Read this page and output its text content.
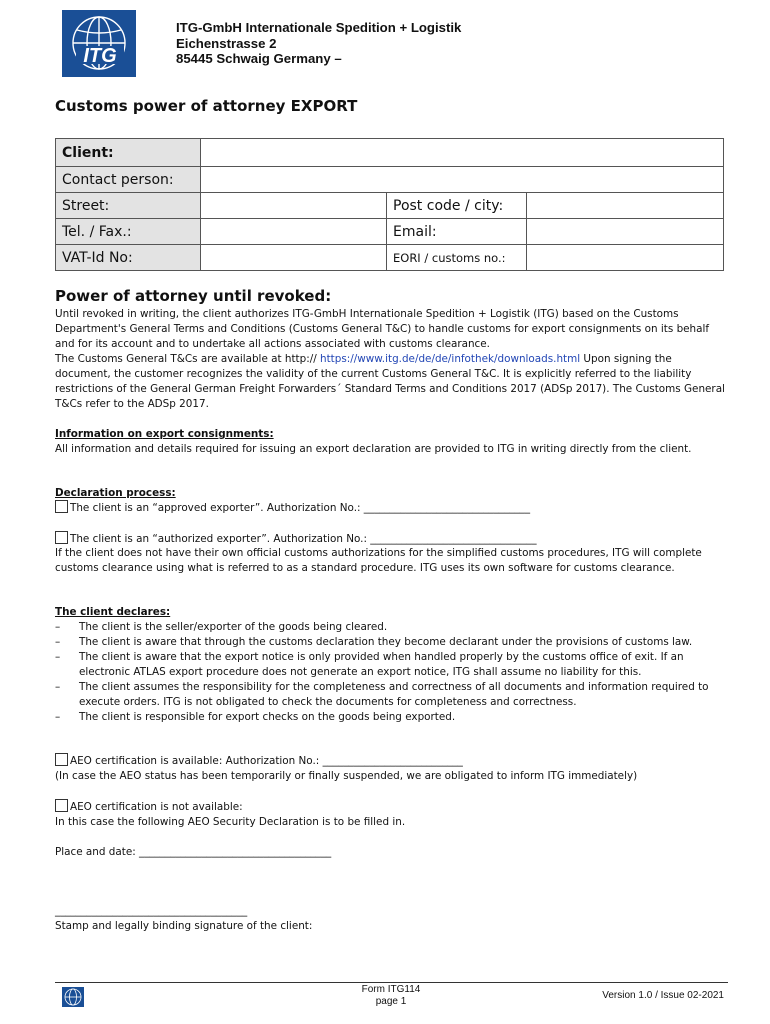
ITG
ITG-GmbH Internationale Spedition + Logistik
Eichenstrasse 2
85445 Schwaig Germany –
Customs power of attorney EXPORT
Client:			
Contact person:			
Street:		Post code / city:	
Tel. / Fax.:		Email:	
VAT-Id No:		EORI / customs no.:	
Power of attorney until revoked:
Until revoked in writing, the client authorizes ITG-GmbH Internationale Spedition + Logistik (ITG) based on the Customs Department's General Terms and Conditions (Customs General T&C) to handle customs for export consignments on its behalf and for its account and to undertake all actions associated with customs clearance.
The Customs General T&Cs are available at http:// https://www.itg.de/de/de/infothek/downloads.html Upon signing the document, the customer recognizes the validity of the current Customs General T&C. It is explicitly referred to the liability restrictions of the General German Freight Forwarders´ Standard Terms and Conditions 2017 (ADSp 2017). The Customs General T&Cs refer to the ADSp 2017.
Information on export consignments:
All information and details required for issuing an export declaration are provided to ITG in writing directly from the client.
Declaration process:
The client is an “approved exporter”. Authorization No.: ________________________________
The client is an “authorized exporter”. Authorization No.: ________________________________
If the client does not have their own official customs authorizations for the simplified customs procedures, ITG will complete customs clearance using what is referred to as a standard procedure. ITG uses its own software for customs clearance.
The client declares:
– The client is the seller/exporter of the goods being cleared.
– The client is aware that through the customs declaration they become declarant under the provisions of customs law.
– The client is aware that the export notice is only provided when handled properly by the customs office of exit. If an electronic ATLAS export procedure does not generate an export notice, ITG shall assume no liability for this.
– The client assumes the responsibility for the completeness and correctness of all documents and information required to execute orders. ITG is not obligated to check the documents for completeness and correctness.
– The client is responsible for export checks on the goods being exported.
AEO certification is available: Authorization No.: ___________________________
(In case the AEO status has been temporarily or finally suspended, we are obligated to inform ITG immediately)
AEO certification is not available:
In this case the following AEO Security Declaration is to be filled in.
Place and date: _____________________________________
_____________________________________
Stamp and legally binding signature of the client:
Form ITG114
page 1
Version 1.0 / Issue 02-2021
